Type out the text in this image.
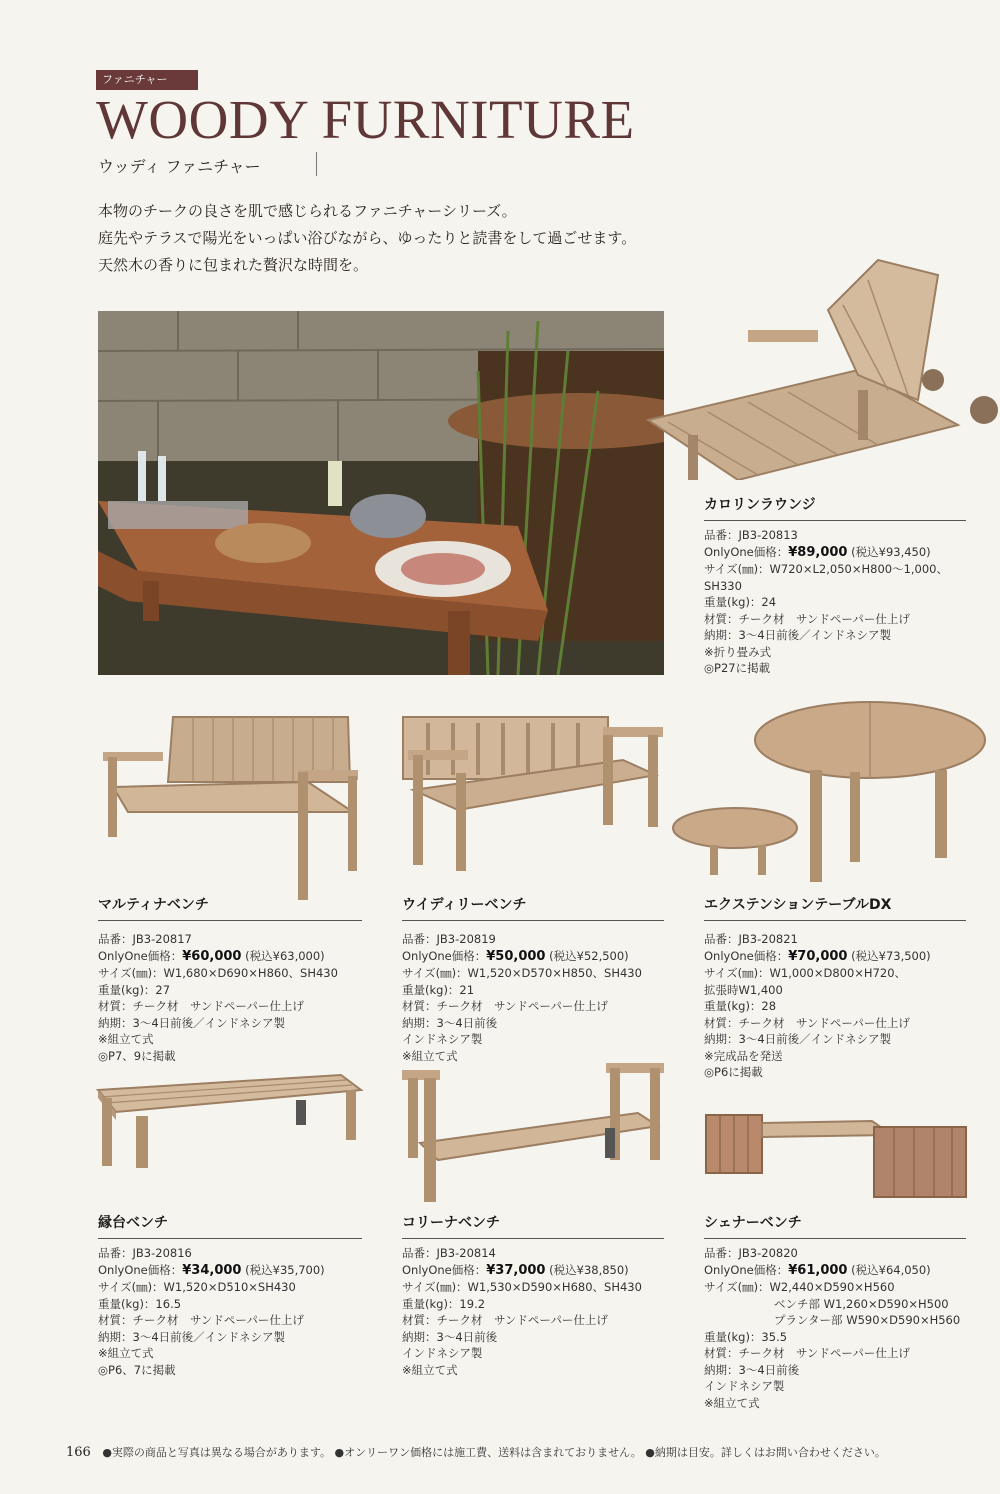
ファニチャー
WOODY FURNITURE
ウッディ ファニチャー
本物のチークの良さを肌で感じられるファニチャーシリーズ。
庭先やテラスで陽光をいっぱい浴びながら、ゆったりと読書をして過ごせます。
天然木の香りに包まれた贅沢な時間を。
カロリンラウンジ
品番：JB3-20813
OnlyOne価格：¥89,000 (税込¥93,450)
サイズ(㎜)：W720×L2,050×H800〜1,000、
SH330
重量(kg)：24
材質：チーク材　サンドペーパー仕上げ
納期：3〜4日前後／インドネシア製
※折り畳み式
◎P27に掲載
マルティナベンチ
品番：JB3-20817
OnlyOne価格：¥60,000 (税込¥63,000)
サイズ(㎜)：W1,680×D690×H860、SH430
重量(kg)：27
材質：チーク材　サンドペーパー仕上げ
納期：3〜4日前後／インドネシア製
※組立て式
◎P7、9に掲載
ウイディリーベンチ
品番：JB3-20819
OnlyOne価格：¥50,000 (税込¥52,500)
サイズ(㎜)：W1,520×D570×H850、SH430
重量(kg)：21
材質：チーク材　サンドペーパー仕上げ
納期：3〜4日前後
インドネシア製
※組立て式
エクステンションテーブルDX
品番：JB3-20821
OnlyOne価格：¥70,000 (税込¥73,500)
サイズ(㎜)：W1,000×D800×H720、
拡張時W1,400
重量(kg)：28
材質：チーク材　サンドペーパー仕上げ
納期：3〜4日前後／インドネシア製
※完成品を発送
◎P6に掲載
縁台ベンチ
品番：JB3-20816
OnlyOne価格：¥34,000 (税込¥35,700)
サイズ(㎜)：W1,520×D510×SH430
重量(kg)：16.5
材質：チーク材　サンドペーパー仕上げ
納期：3〜4日前後／インドネシア製
※組立て式
◎P6、7に掲載
コリーナベンチ
品番：JB3-20814
OnlyOne価格：¥37,000 (税込¥38,850)
サイズ(㎜)：W1,530×D590×H680、SH430
重量(kg)：19.2
材質：チーク材　サンドペーパー仕上げ
納期：3〜4日前後
インドネシア製
※組立て式
シェナーベンチ
品番：JB3-20820
OnlyOne価格：¥61,000 (税込¥64,050)
サイズ(㎜)：W2,440×D590×H560
ベンチ部 W1,260×D590×H500
プランター部 W590×D590×H560
重量(kg)：35.5
材質：チーク材　サンドペーパー仕上げ
納期：3〜4日前後
インドネシア製
※組立て式
166 ●実際の商品と写真は異なる場合があります。 ●オンリーワン価格には施工費、送料は含まれておりません。 ●納期は目安。詳しくはお問い合わせください。
